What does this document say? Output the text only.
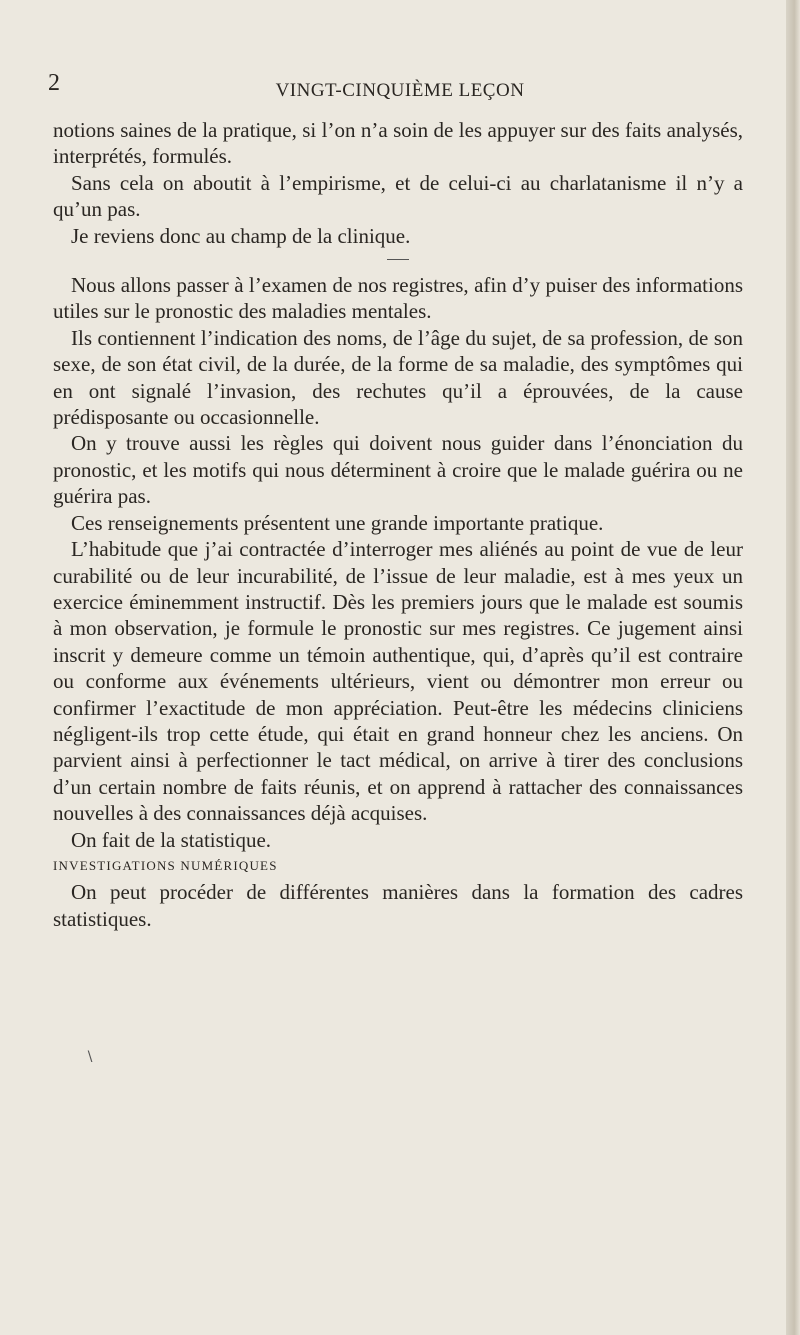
2	VINGT-CINQUIÈME LEÇON

notions saines de la pratique, si l’on n’a soin de les appuyer sur des faits analysés, interprétés, formulés.

Sans cela on aboutit à l’empirisme, et de celui-ci au charlatanisme il n’y a qu’un pas.

Je reviens donc au champ de la clinique.

Nous allons passer à l’examen de nos registres, afin d’y puiser des informations utiles sur le pronostic des maladies mentales.

Ils contiennent l’indication des noms, de l’âge du sujet, de sa profession, de son sexe, de son état civil, de la durée, de la forme de sa maladie, des symptômes qui en ont signalé l’invasion, des rechutes qu’il a éprouvées, de la cause prédisposante ou occasionnelle.

On y trouve aussi les règles qui doivent nous guider dans l’énonciation du pronostic, et les motifs qui nous déterminent à croire que le malade guérira ou ne guérira pas.

Ces renseignements présentent une grande importante pratique.

L’habitude que j’ai contractée d’interroger mes aliénés au point de vue de leur curabilité ou de leur incurabilité, de l’issue de leur maladie, est à mes yeux un exercice éminemment instructif. Dès les premiers jours que le malade est soumis à mon observation, je formule le pronostic sur mes registres. Ce jugement ainsi inscrit y demeure comme un témoin authentique, qui, d’après qu’il est contraire ou conforme aux événements ultérieurs, vient ou démontrer mon erreur ou confirmer l’exactitude de mon appréciation. Peut-être les médecins cliniciens négligent-ils trop cette étude, qui était en grand honneur chez les anciens. On parvient ainsi à perfectionner le tact médical, on arrive à tirer des conclusions d’un certain nombre de faits réunis, et on apprend à rattacher des connaissances nouvelles à des connaissances déjà acquises.

On fait de la statistique.

INVESTIGATIONS NUMÉRIQUES

On peut procéder de différentes manières dans la formation des cadres statistiques.

∖
